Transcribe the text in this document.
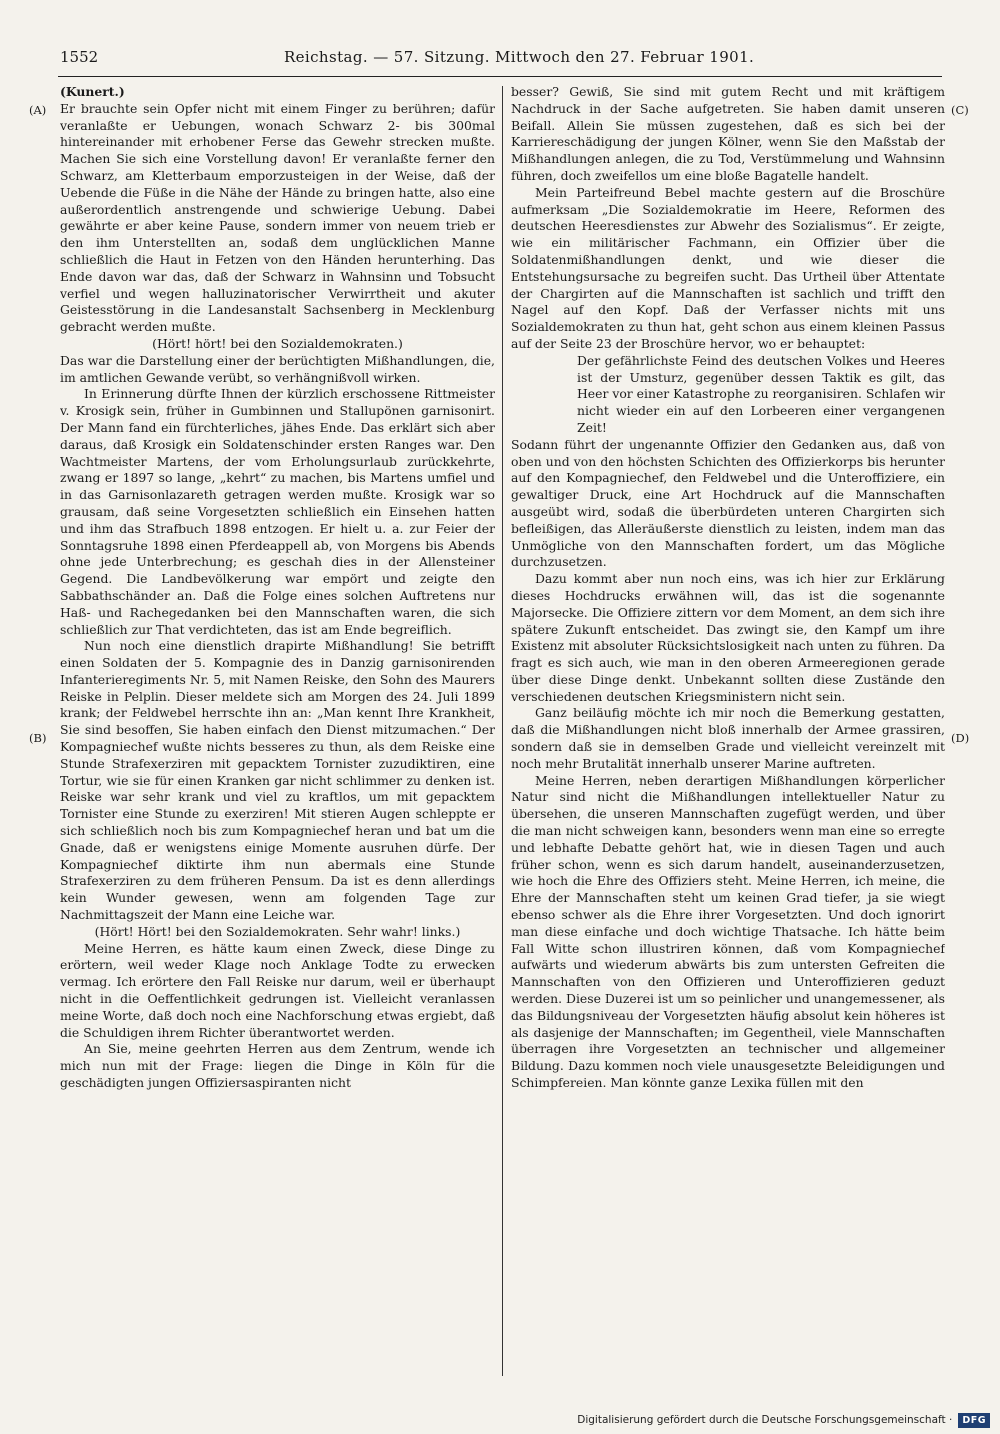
1552	Reichstag. — 57. Sitzung. Mittwoch den 27. Februar 1901.
(A)
(B)
(C)
(D)

(Kunert.)

Er brauchte sein Opfer nicht mit einem Finger zu berühren; dafür veranlaßte er Uebungen, wonach Schwarz 2- bis 300mal hintereinander mit erhobener Ferse das Gewehr strecken mußte. Machen Sie sich eine Vorstellung davon! Er veranlaßte ferner den Schwarz, am Kletterbaum emporzusteigen in der Weise, daß der Uebende die Füße in die Nähe der Hände zu bringen hatte, also eine außerordentlich anstrengende und schwierige Uebung. Dabei gewährte er aber keine Pause, sondern immer von neuem trieb er den ihm Unterstellten an, sodaß dem unglücklichen Manne schließlich die Haut in Fetzen von den Händen herunterhing. Das Ende davon war das, daß der Schwarz in Wahnsinn und Tobsucht verfiel und wegen halluzinatorischer Verwirrtheit und akuter Geistesstörung in die Landesanstalt Sachsenberg in Mecklenburg gebracht werden mußte.

(Hört! hört! bei den Sozialdemokraten.)

Das war die Darstellung einer der berüchtigten Mißhandlungen, die, im amtlichen Gewande verübt, so verhängnißvoll wirken.

In Erinnerung dürfte Ihnen der kürzlich erschossene Rittmeister v. Krosigk sein, früher in Gumbinnen und Stallupönen garnisonirt. Der Mann fand ein fürchterliches, jähes Ende. Das erklärt sich aber daraus, daß Krosigk ein Soldatenschinder ersten Ranges war. Den Wachtmeister Martens, der vom Erholungsurlaub zurückkehrte, zwang er 1897 so lange, „kehrt“ zu machen, bis Martens umfiel und in das Garnisonlazareth getragen werden mußte. Krosigk war so grausam, daß seine Vorgesetzten schließlich ein Einsehen hatten und ihm das Strafbuch 1898 entzogen. Er hielt u. a. zur Feier der Sonntagsruhe 1898 einen Pferdeappell ab, von Morgens bis Abends ohne jede Unterbrechung; es geschah dies in der Allensteiner Gegend. Die Landbevölkerung war empört und zeigte den Sabbathschänder an. Daß die Folge eines solchen Auftretens nur Haß- und Rachegedanken bei den Mannschaften waren, die sich schließlich zur That verdichteten, das ist am Ende begreiflich.

Nun noch eine dienstlich drapirte Mißhandlung! Sie betrifft einen Soldaten der 5. Kompagnie des in Danzig garnisonirenden Infanterieregiments Nr. 5, mit Namen Reiske, den Sohn des Maurers Reiske in Pelplin. Dieser meldete sich am Morgen des 24. Juli 1899 krank; der Feldwebel herrschte ihn an: „Man kennt Ihre Krankheit, Sie sind besoffen, Sie haben einfach den Dienst mitzumachen.“ Der Kompagniechef wußte nichts besseres zu thun, als dem Reiske eine Stunde Strafexerziren mit gepacktem Tornister zuzudiktiren, eine Tortur, wie sie für einen Kranken gar nicht schlimmer zu denken ist. Reiske war sehr krank und viel zu kraftlos, um mit gepacktem Tornister eine Stunde zu exerziren! Mit stieren Augen schleppte er sich schließlich noch bis zum Kompagniechef heran und bat um die Gnade, daß er wenigstens einige Momente ausruhen dürfe. Der Kompagniechef diktirte ihm nun abermals eine Stunde Strafexerziren zu dem früheren Pensum. Da ist es denn allerdings kein Wunder gewesen, wenn am folgenden Tage zur Nachmittagszeit der Mann eine Leiche war.

(Hört! Hört! bei den Sozialdemokraten. Sehr wahr! links.)

Meine Herren, es hätte kaum einen Zweck, diese Dinge zu erörtern, weil weder Klage noch Anklage Todte zu erwecken vermag. Ich erörtere den Fall Reiske nur darum, weil er überhaupt nicht in die Oeffentlichkeit gedrungen ist. Vielleicht veranlassen meine Worte, daß doch noch eine Nachforschung etwas ergiebt, daß die Schuldigen ihrem Richter überantwortet werden.

An Sie, meine geehrten Herren aus dem Zentrum, wende ich mich nun mit der Frage: liegen die Dinge in Köln für die geschädigten jungen Offiziersaspiranten nicht

besser? Gewiß, Sie sind mit gutem Recht und mit kräftigem Nachdruck in der Sache aufgetreten. Sie haben damit unseren Beifall. Allein Sie müssen zugestehen, daß es sich bei der Karriereschädigung der jungen Kölner, wenn Sie den Maßstab der Mißhandlungen anlegen, die zu Tod, Verstümmelung und Wahnsinn führen, doch zweifellos um eine bloße Bagatelle handelt.

Mein Parteifreund Bebel machte gestern auf die Broschüre aufmerksam „Die Sozialdemokratie im Heere, Reformen des deutschen Heeresdienstes zur Abwehr des Sozialismus“. Er zeigte, wie ein militärischer Fachmann, ein Offizier über die Soldatenmißhandlungen denkt, und wie dieser die Entstehungsursache zu begreifen sucht. Das Urtheil über Attentate der Chargirten auf die Mannschaften ist sachlich und trifft den Nagel auf den Kopf. Daß der Verfasser nichts mit uns Sozialdemokraten zu thun hat, geht schon aus einem kleinen Passus auf der Seite 23 der Broschüre hervor, wo er behauptet:

Der gefährlichste Feind des deutschen Volkes und Heeres ist der Umsturz, gegenüber dessen Taktik es gilt, das Heer vor einer Katastrophe zu reorganisiren. Schlafen wir nicht wieder ein auf den Lorbeeren einer vergangenen Zeit!

Sodann führt der ungenannte Offizier den Gedanken aus, daß von oben und von den höchsten Schichten des Offizierkorps bis herunter auf den Kompagniechef, den Feldwebel und die Unteroffiziere, ein gewaltiger Druck, eine Art Hochdruck auf die Mannschaften ausgeübt wird, sodaß die überbürdeten unteren Chargirten sich befleißigen, das Alleräußerste dienstlich zu leisten, indem man das Unmögliche von den Mannschaften fordert, um das Mögliche durchzusetzen.

Dazu kommt aber nun noch eins, was ich hier zur Erklärung dieses Hochdrucks erwähnen will, das ist die sogenannte Majorsecke. Die Offiziere zittern vor dem Moment, an dem sich ihre spätere Zukunft entscheidet. Das zwingt sie, den Kampf um ihre Existenz mit absoluter Rücksichtslosigkeit nach unten zu führen. Da fragt es sich auch, wie man in den oberen Armeeregionen gerade über diese Dinge denkt. Unbekannt sollten diese Zustände den verschiedenen deutschen Kriegsministern nicht sein.

Ganz beiläufig möchte ich mir noch die Bemerkung gestatten, daß die Mißhandlungen nicht bloß innerhalb der Armee grassiren, sondern daß sie in demselben Grade und vielleicht vereinzelt mit noch mehr Brutalität innerhalb unserer Marine auftreten.

Meine Herren, neben derartigen Mißhandlungen körperlicher Natur sind nicht die Mißhandlungen intellektueller Natur zu übersehen, die unseren Mannschaften zugefügt werden, und über die man nicht schweigen kann, besonders wenn man eine so erregte und lebhafte Debatte gehört hat, wie in diesen Tagen und auch früher schon, wenn es sich darum handelt, auseinanderzusetzen, wie hoch die Ehre des Offiziers steht. Meine Herren, ich meine, die Ehre der Mannschaften steht um keinen Grad tiefer, ja sie wiegt ebenso schwer als die Ehre ihrer Vorgesetzten. Und doch ignorirt man diese einfache und doch wichtige Thatsache. Ich hätte beim Fall Witte schon illustriren können, daß vom Kompagniechef aufwärts und wiederum abwärts bis zum untersten Gefreiten die Mannschaften von den Offizieren und Unteroffizieren geduzt werden. Diese Duzerei ist um so peinlicher und unangemessener, als das Bildungsniveau der Vorgesetzten häufig absolut kein höheres ist als dasjenige der Mannschaften; im Gegentheil, viele Mannschaften überragen ihre Vorgesetzten an technischer und allgemeiner Bildung. Dazu kommen noch viele unausgesetzte Beleidigungen und Schimpfereien. Man könnte ganze Lexika füllen mit den

Digitalisierung gefördert durch die Deutsche Forschungsgemeinschaft ·	DFG
